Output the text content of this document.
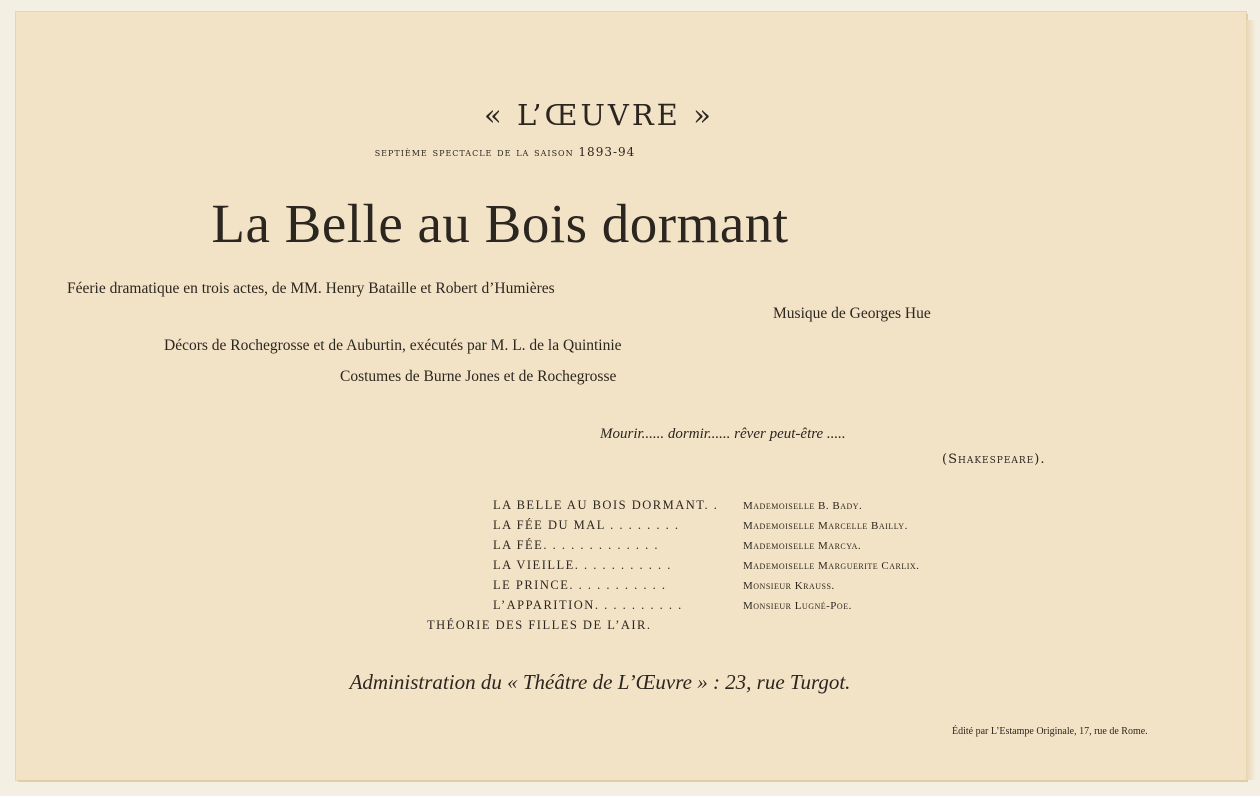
« L’ŒUVRE »
septième spectacle de la saison 1893-94
La Belle au Bois dormant
Féerie dramatique en trois actes, de MM. Henry Bataille et Robert d’Humières
Musique de Georges Hue
Décors de Rochegrosse et de Auburtin, exécutés par M. L. de la Quintinie
Costumes de Burne Jones et de Rochegrosse
Mourir...... dormir...... rêver peut-être .....
(Shakespeare).
LA BELLE AU BOIS DORMANT. .	Mademoiselle B. Bady.
LA FÉE DU MAL . . . . . . . .	Mademoiselle Marcelle Bailly.
LA FÉE. . . . . . . . . . . . .	Mademoiselle Marcya.
LA VIEILLE. . . . . . . . . . .	Mademoiselle Marguerite Carlix.
LE PRINCE. . . . . . . . . . .	Monsieur Krauss.
L’APPARITION. . . . . . . . . .	Monsieur Lugné-Poe.
THÉORIE DES FILLES DE L’AIR.
Administration du « Théâtre de L’Œuvre » : 23, rue Turgot.
Édité par L’Estampe Originale, 17, rue de Rome.
